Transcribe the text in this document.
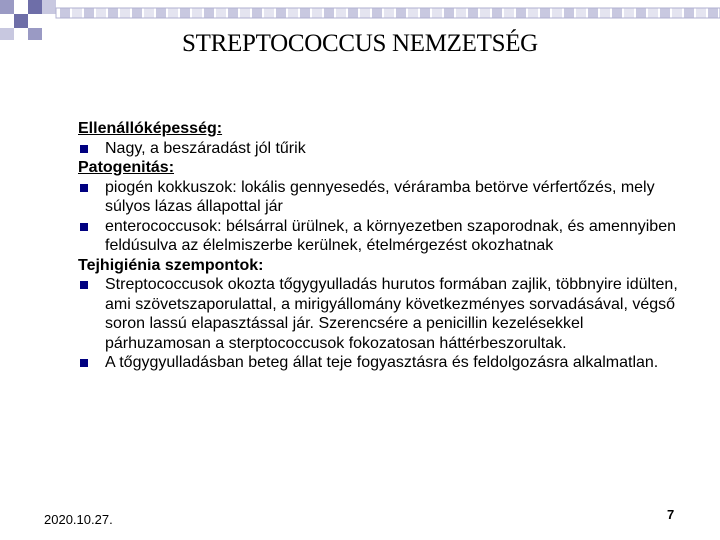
STREPTOCOCCUS NEMZETSÉG
Ellenállóképesség:
Nagy, a beszáradást jól tűrik
Patogenitás:
piogén kokkuszok: lokális gennyesedés, véráramba betörve vérfertőzés, mely súlyos lázas állapottal jár
enterococcusok: bélsárral ürülnek, a környezetben szaporodnak, és amennyiben feldúsulva az élelmiszerbe kerülnek, ételmérgezést okozhatnak
Tejhigiénia szempontok:
Streptococcusok okozta tőgygyulladás hurutos formában zajlik, többnyire idülten, ami szövetszaporulattal, a mirigyállomány következményes sorvadásával, végső soron lassú elapasztással jár. Szerencsére a penicillin kezelésekkel párhuzamosan a sterptococcusok fokozatosan háttérbeszorultak.
A tőgygyulladásban beteg állat teje fogyasztásra és feldolgozásra alkalmatlan.
2020.10.27.	7
